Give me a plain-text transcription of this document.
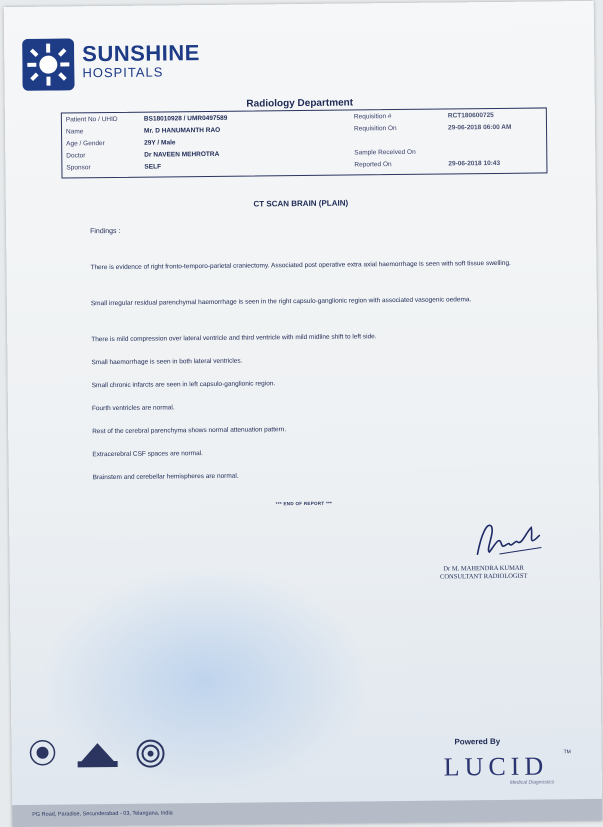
SUNSHINE
HOSPITALS
Radiology Department
Patient No / UHID	BS18010928 / UMR0497589	Requisition #	RCT180600725
Name	Mr. D HANUMANTH RAO	Requisition On	29-06-2018 06:00 AM
Age / Gender	29Y / Male
Doctor	Dr NAVEEN MEHROTRA	Sample Received On
Sponsor	SELF	Reported On	29-06-2018 10:43
CT SCAN BRAIN (PLAIN)
Findings :
There is evidence of right fronto-temporo-parietal craniectomy. Associated post operative extra axial haemorrhage is seen with soft tissue swelling.
Small irregular residual parenchymal haemorrhage is seen in the right capsulo-ganglionic region with associated vasogenic oedema.
There is mild compression over lateral ventricle and third ventricle with mild midline shift to left side.
Small haemorrhage is seen in both lateral ventricles.
Small chronic infarcts are seen in left capsulo-ganglionic region.
Fourth ventricles are normal.
Rest of the cerebral parenchyma shows normal attenuation pattern.
Extracerebral CSF spaces are normal.
Brainstem and cerebellar hemispheres are normal.
*** END OF REPORT ***
Dr M. MAHENDRA KUMAR
CONSULTANT RADIOLOGIST
Powered By
LUCID	TM
Medical Diagnostics
PG Road, Paradise, Secunderabad - 03, Telangana, India
